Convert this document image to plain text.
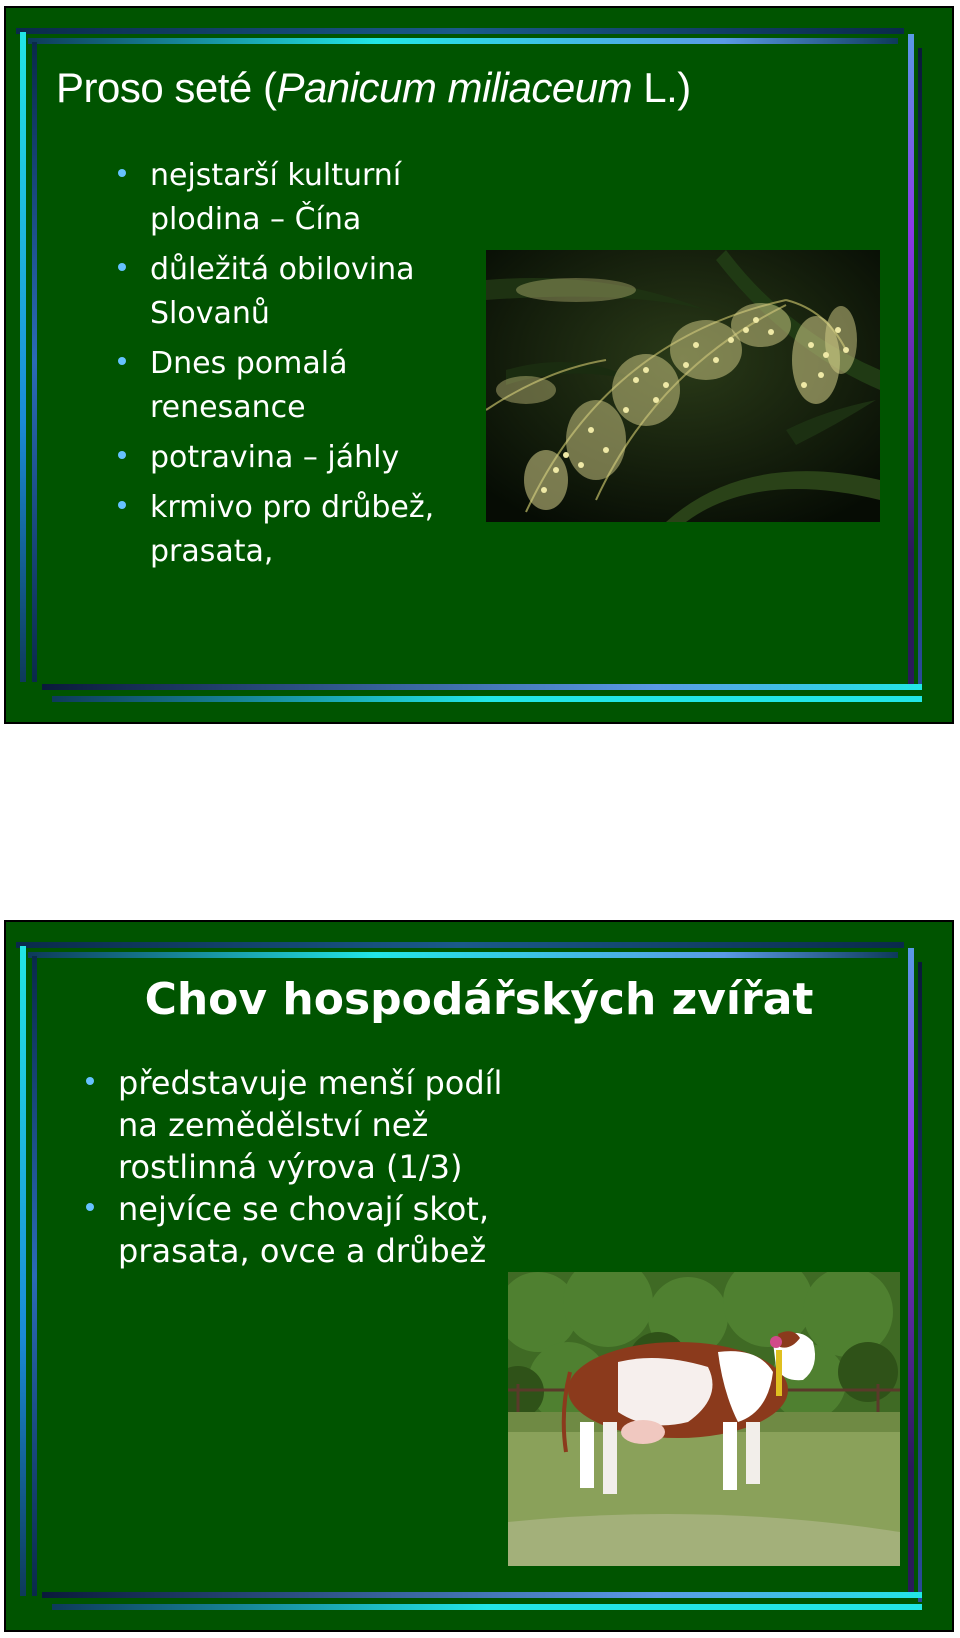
Proso seté (Panicum miliaceum L.)
nejstarší kulturní plodina – Čína
důležitá obilovina Slovanů
Dnes pomalá renesance
potravina – jáhly
krmivo pro drůbež, prasata,
Chov hospodářských zvířat
představuje menší podíl na zemědělství než rostlinná výrova (1/3)
nejvíce se chovají skot, prasata, ovce a drůbež
